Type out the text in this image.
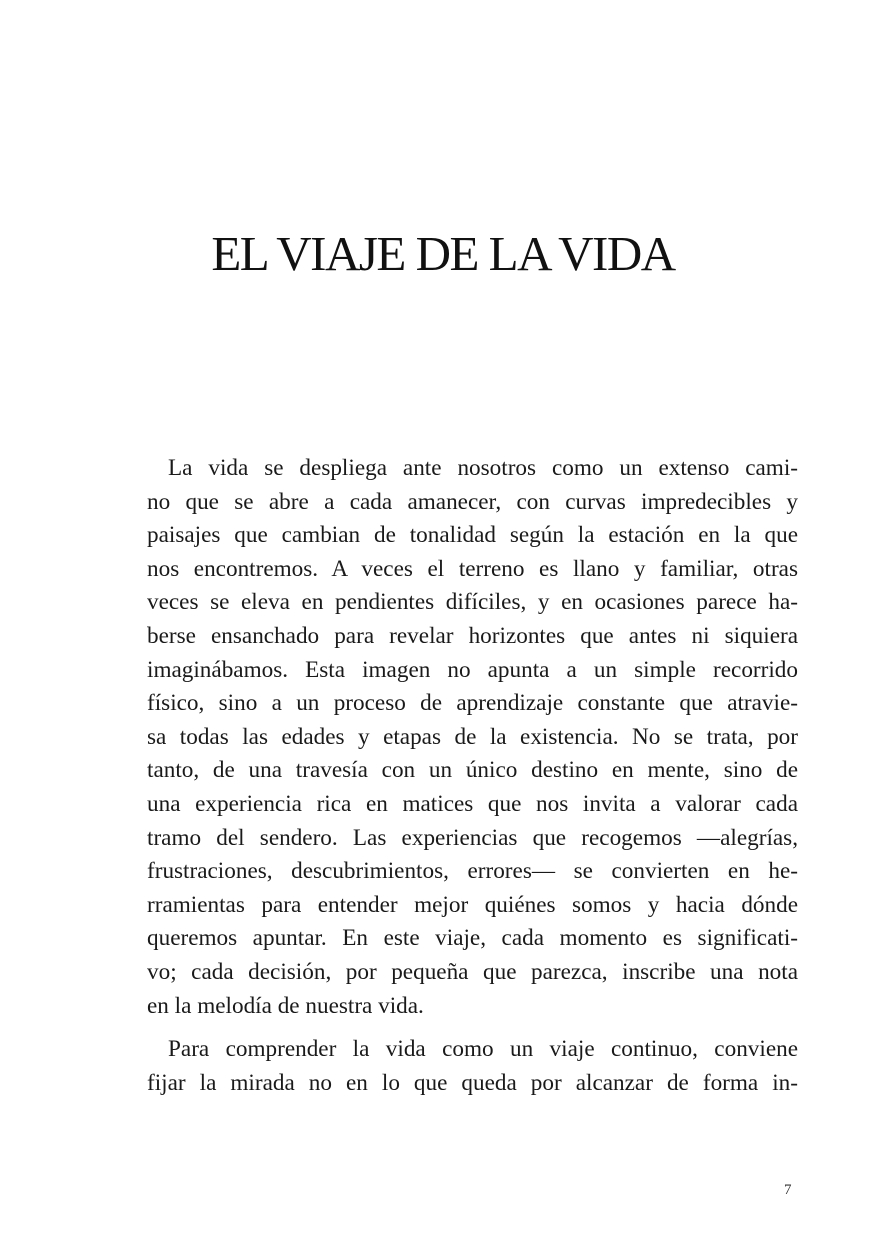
EL VIAJE DE LA VIDA

La vida se despliega ante nosotros como un extenso cami-
no que se abre a cada amanecer, con curvas impredecibles y
paisajes que cambian de tonalidad según la estación en la que
nos encontremos. A veces el terreno es llano y familiar, otras
veces se eleva en pendientes difíciles, y en ocasiones parece ha-
berse ensanchado para revelar horizontes que antes ni siquiera
imaginábamos. Esta imagen no apunta a un simple recorrido
físico, sino a un proceso de aprendizaje constante que atravie-
sa todas las edades y etapas de la existencia. No se trata, por
tanto, de una travesía con un único destino en mente, sino de
una experiencia rica en matices que nos invita a valorar cada
tramo del sendero. Las experiencias que recogemos —alegrías,
frustraciones, descubrimientos, errores— se convierten en he-
rramientas para entender mejor quiénes somos y hacia dónde
queremos apuntar. En este viaje, cada momento es significati-
vo; cada decisión, por pequeña que parezca, inscribe una nota
en la melodía de nuestra vida.

Para comprender la vida como un viaje continuo, conviene
fijar la mirada no en lo que queda por alcanzar de forma in-

7
